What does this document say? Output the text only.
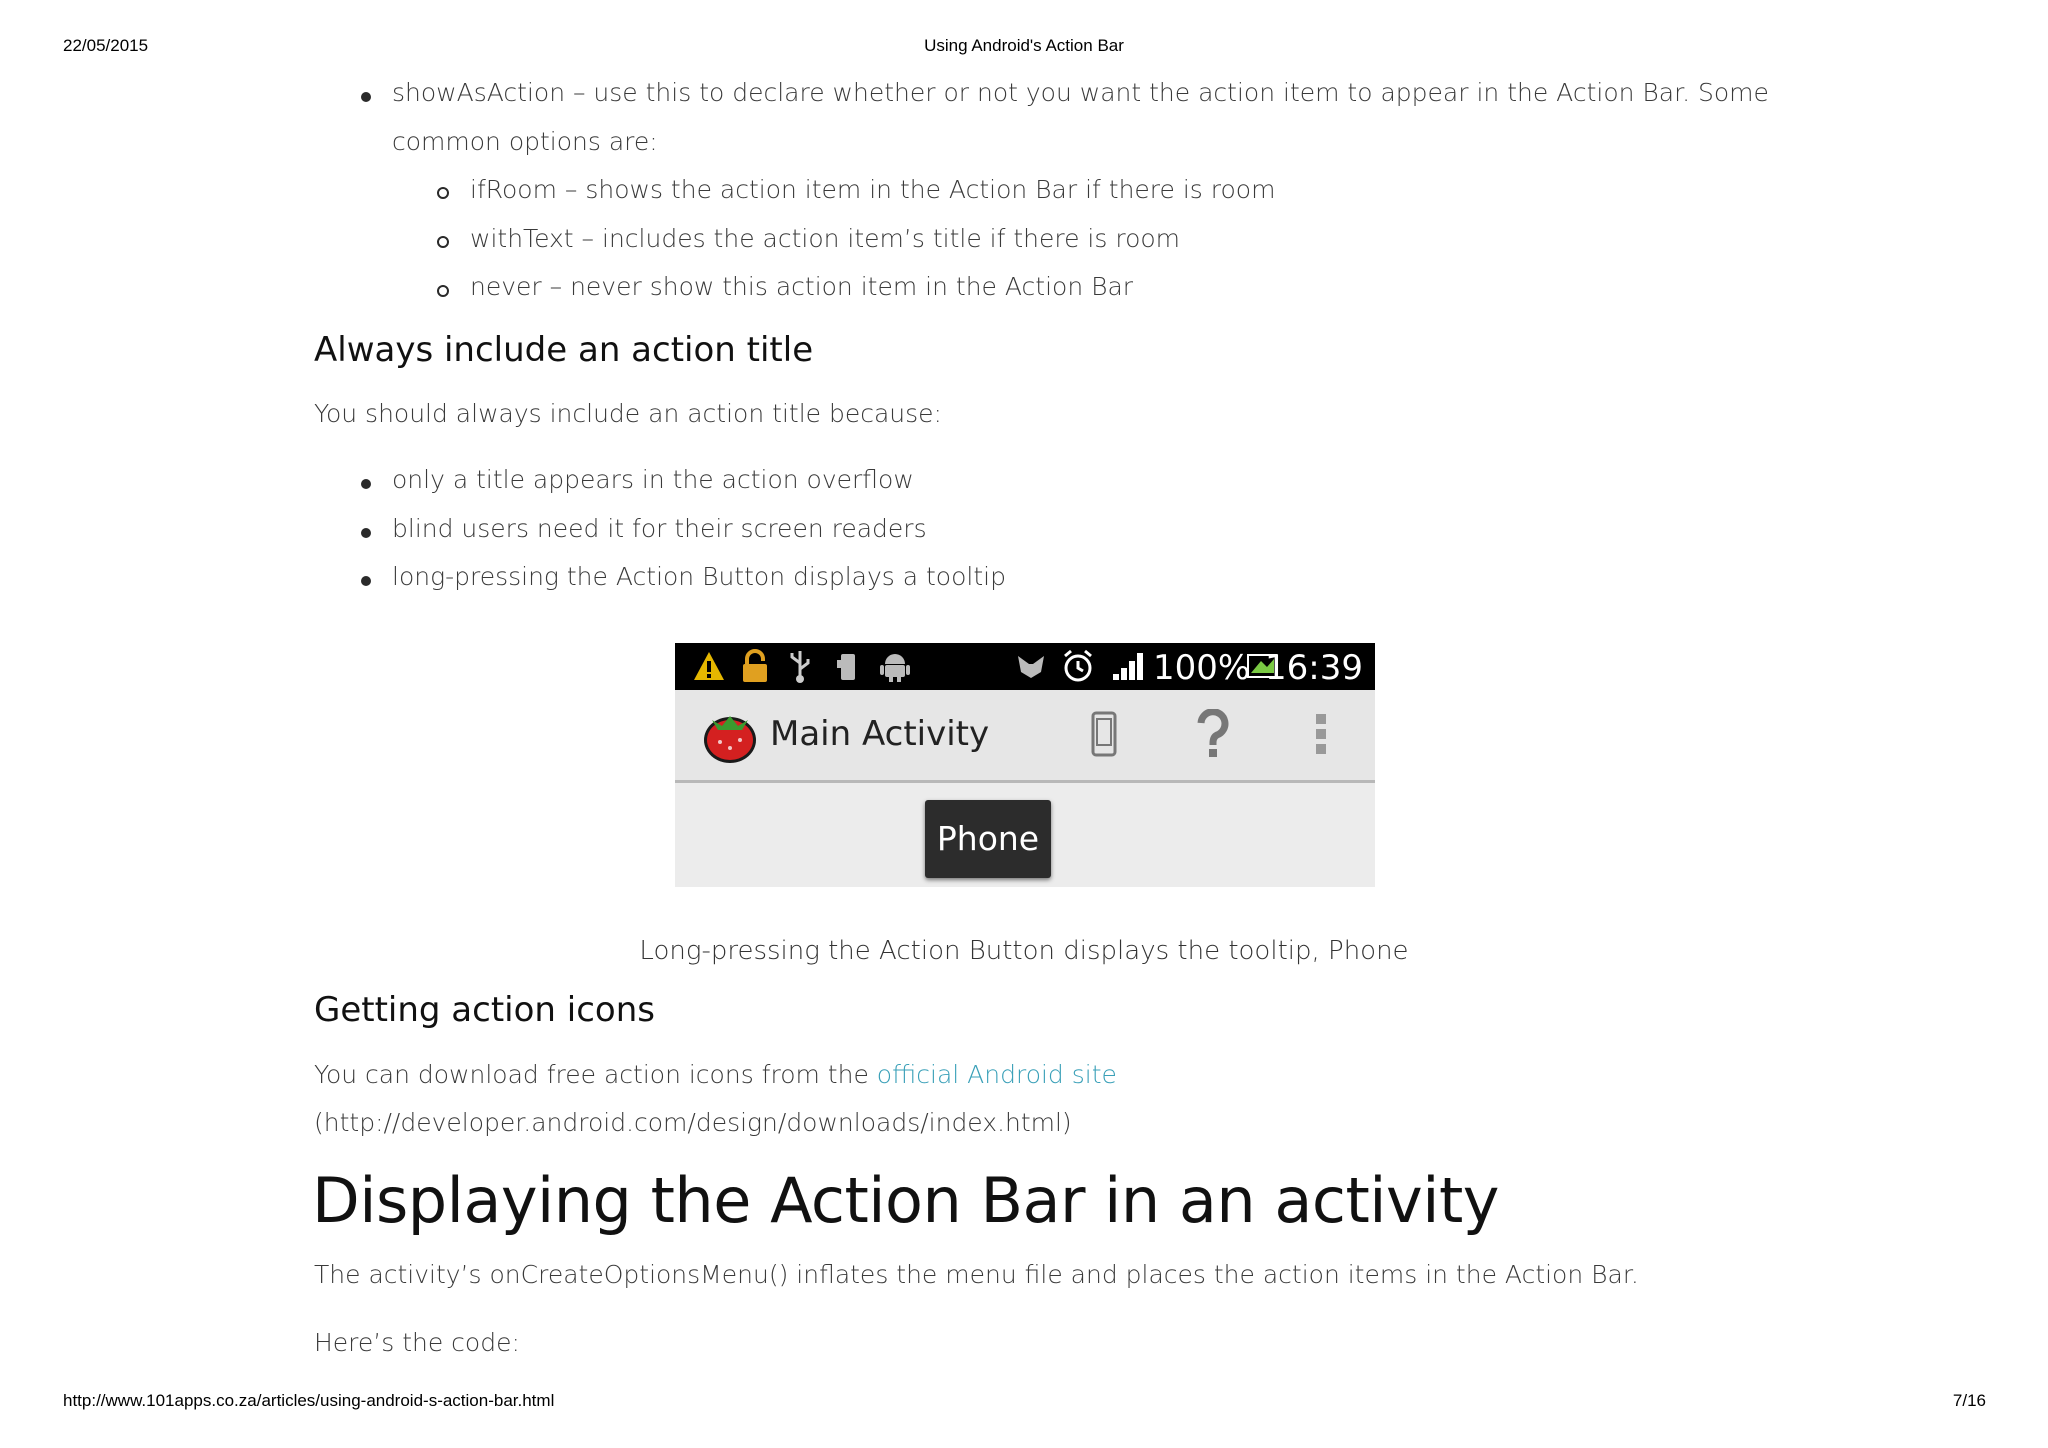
22/05/2015	Using Android's Action Bar
showAsAction – use this to declare whether or not you want the action item to appear in the Action Bar. Some
common options are:
ifRoom – shows the action item in the Action Bar if there is room
withText – includes the action item’s title if there is room
never – never show this action item in the Action Bar
Always include an action title
You should always include an action title because:
only a title appears in the action overflow
blind users need it for their screen readers
long-pressing the Action Button displays a tooltip
100% 16:39
Main Activity
Phone
Long-pressing the Action Button displays the tooltip, Phone
Getting action icons
You can download free action icons from the official Android site
(http://developer.android.com/design/downloads/index.html)
Displaying the Action Bar in an activity
The activity’s onCreateOptionsMenu() inflates the menu file and places the action items in the Action Bar.
Here’s the code:
http://www.101apps.co.za/articles/using-android-s-action-bar.html	7/16
